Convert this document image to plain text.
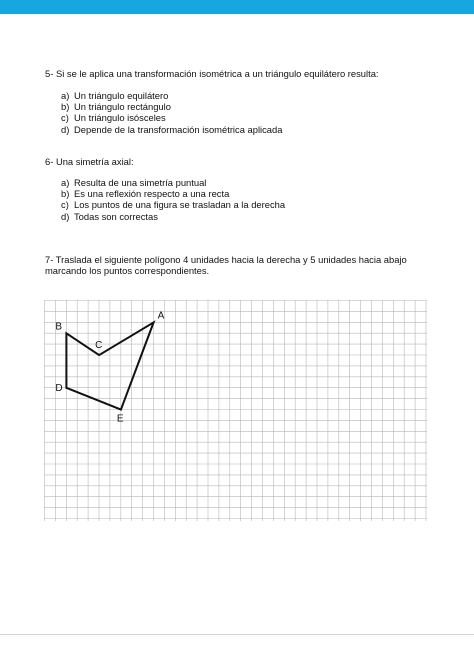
5- Si se le aplica una transformación isométrica a un triángulo equilátero resulta:
a) Un triángulo equilátero
b) Un triángulo rectángulo
c) Un triángulo isósceles
d) Depende de la transformación isométrica aplicada
6- Una simetría axial:
a) Resulta de una simetría puntual
b) Es una reflexión respecto a una recta
c) Los puntos de una figura se trasladan a la derecha
d) Todas son correctas
7- Traslada el siguiente polígono 4 unidades hacia la derecha y 5 unidades hacia abajo
marcando los puntos correspondientes.
A
B
C
D
E
